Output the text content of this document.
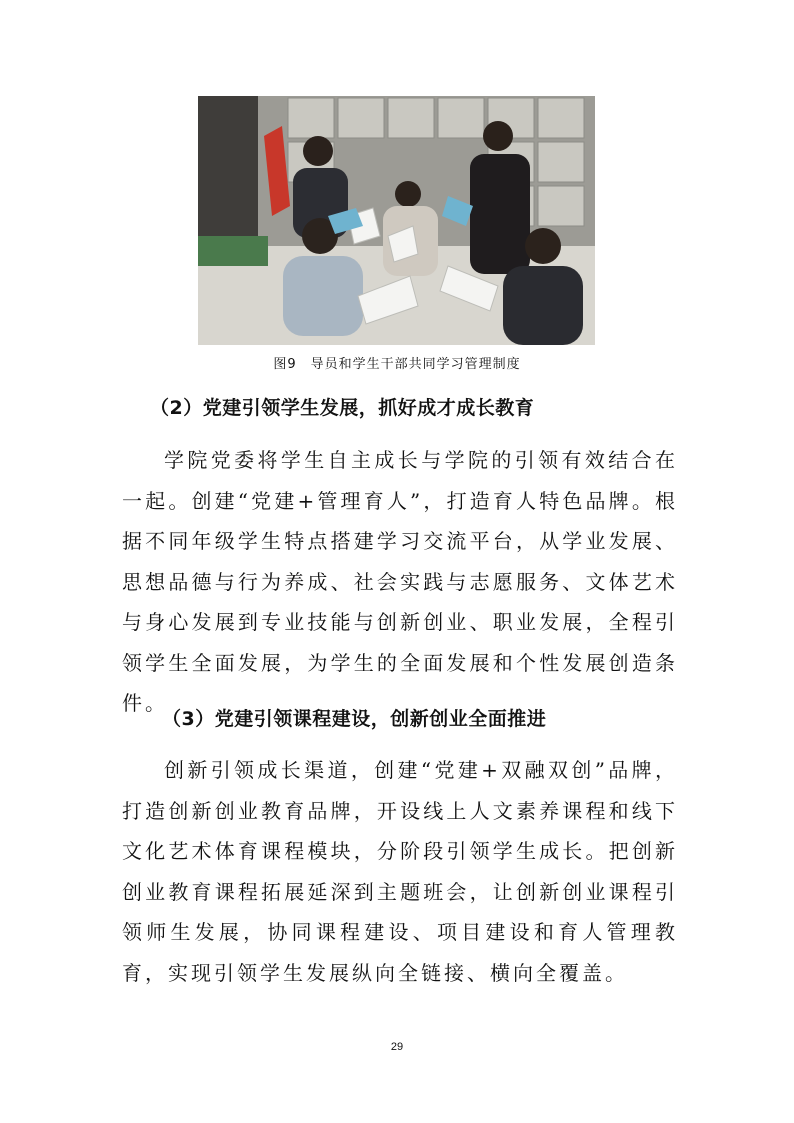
图9　导员和学生干部共同学习管理制度
（2）党建引领学生发展，抓好成才成长教育
学院党委将学生自主成长与学院的引领有效结合在一起。创建“党建+管理育人”，打造育人特色品牌。根据不同年级学生特点搭建学习交流平台，从学业发展、思想品德与行为养成、社会实践与志愿服务、文体艺术与身心发展到专业技能与创新创业、职业发展，全程引领学生全面发展，为学生的全面发展和个性发展创造条件。
（3）党建引领课程建设，创新创业全面推进
创新引领成长渠道，创建“党建+双融双创”品牌，打造创新创业教育品牌，开设线上人文素养课程和线下文化艺术体育课程模块，分阶段引领学生成长。把创新创业教育课程拓展延深到主题班会，让创新创业课程引领师生发展，协同课程建设、项目建设和育人管理教育，实现引领学生发展纵向全链接、横向全覆盖。
29
